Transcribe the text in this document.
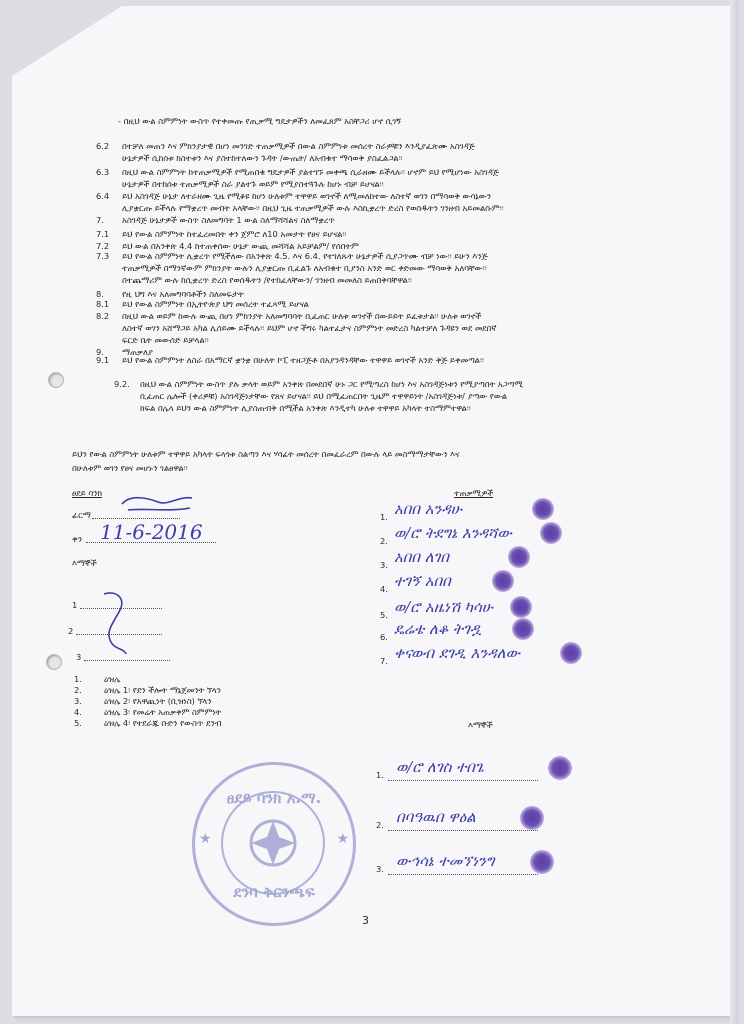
- በዚህ ውል ስምምነት ውስጥ የተቀመጡ የጢቃሚ ግዴታዎችን ለመፈጸም አስቸጋሪ ሆኖ ሲገኝ
6.2 በተቻለ መጠን እና ምክንያታዊ በሆነ መንገድ ተጠቃሚዎች በውል ስምምነቱ መሰረት ስራዎቹን እንዲያፈጽሙ አስገዳጅ
ሁኔታዎች ሲከሰቱ ክስተቱን እና ያስተከተለውን ጉዳት /ውጤት/ ለአብቁተ ማሳወቅ ያስፈልጋል፡፡
6.3 በዚህ ውል ስምምነት ከተጠቃሚዎች የሚጠበቁ ግዴታዎች ያልተገኙ መቀጫ ሲራዘሙ ይችላሉ፡፡ ሆኖም ይህ የሚሆነው አስገዳጅ
ሁኔታዎች በተከሰቱ ተጠቃሚዎች ስራ ያልተጉ ወይም የሚያስተጓጉሉ ከሆኑ ብቻ ይሆናል፡፡
6.4 ይህ አስገዳጅ ሁኔታ ለተራዘሙ ጊዜ የሚቆዩ ከሆነ ሁለቱም ተዋዋይ ወገኖች ለሚመለከተው ለስተኛ ወገን በማሳወቅ ውሳኔውን
ሊያቋርጡ ይችላሉ የማቋረጥ መብት አላቸው፡፡ በዚህ ጊዜ ተጠቃሚዎች ውሉ እስኪቋረጥ ድረስ የወሰዱትን ገንዘብ አይመልሱም፡፡
7. አስገዳጅ ሁኔታዎች ውስጥ ስለመግባት 1 ውል ስለማሻሻልና ስለማቋረጥ
7.1 ይህ የውል ስምምነት ከተፈረመበት ቀን ጀምሮ ለ10 አመታት የፀና ይሆናል፡፡
7.2 ይህ ውል በአንቀጽ 4.4 ከተጠቀሰው ሁኔታ ውጪ መሻሻል አይቻልም/ የሰበትም
7.3 ይህ የውል ስምምነት ሊቋረጥ የሚችለው በአንቀጽ 4.5. እና 6.4. የተገለጹት ሁኔታዎች ሲያጋጥሙ ብቻ ነው፡፡ ይሁን እንጅ
ተጠቃሚዎች በማንኛውም ምክንያት ውሉን ሊያቋርጡ ቢፈልጉ ለአብቁተ ቢያንስ አንድ ወር ቀድመው ማሳወቅ አለባቸው፡፡
በተጨማሪም ውሉ ከሲቋረጥ ድረስ የወሰዱትን /የተከፈላቸውን/ ገንዘብ መመለስ ይጠበቅባቸዋል፡፡
8. የዚ ህግ እና አለመግባባቶችን ስለመፍታት
8.1 ይህ የውል ስምምነት በኢትዮጵያ ህግ መሰረት ተፈጻሚ ይሆናል
8.2 በዚህ ውል ወይም ከውሉ ውጪ በሆነ ምክንያት አለመግባባት ቢፈጠር ሁለቱ ወገኖች በውይይት ይፈቱታል፡፡ ሁለቱ ወገኖች
ለስተኛ ወገን አሸማጋይ አካል ሊሰይሙ ይችላሉ፡፡ ይህም ሆኖ ችግሩ ካልተፈታና ስምምነት መድረስ ካልተቻለ ጉዳዩን ወደ መደበኛ
ፍርድ ቤት መውሰድ ይቻላል፡፡
9. ማጠቃለያ
9.1 ይህ የውል ስምምነት ለስራ በአማርኛ ቋንቋ በሁለት ኮፒ ተዘጋጅቶ በአያንዳንዳቸው ተዋዋይ ወገኖች አንድ ቅጅ ይቀመጣል፡፡
9.2. በዚህ ውል ስምምነት ውስጥ ያሉ ቃላት ወይም አንቀጽ በመደበኛ ሁኑ ጋር የሚጣረስ ከሆነ እና አስገዳጅነቱን የሚያጣበት አጋጣሚ
ቢፈጠር ሌሎች (ቀሪዎቹ) አስገዳጅነታቸው የጸና ይሆናል፡፡ ይህ በሚፈጠርበት ጊዜም ተዋዋይነት /አስገዳጅነቱ/ ያጣው የውል
ክፍል በሌላ ይህን ውል ስምምነት ሊያስጠብቅ በሚችል አንቀጽ እንዲተካ ሁለቱ ተዋዋይ አካላት ተስማምተዋል፡፡
ይህን የውል ስምምነት ሁለቱም ተዋዋይ አካላት ፍላጎቱ ስልጣን እና ሃሳፊት መሰረት በመፈራረም በውሉ ላይ መስማማታቸውን እና
በሁለቱም ወገን የፀና መሆኑን ገልፀዋል፡፡
ፀደይ ባንክ
ፊርማ
ቀን 11-6-2016
እማኞች
1
2
3
1.	ዕዝሌ
2.	ዕዝሌ 1፡ የደን ችሎት ማኔጀመንት ኘላን
3.	ዕዝሌ 2፡ የአዋጪነት (ቢዝነስ) ኘላን
4.	ዕዝሌ 3፡ የመሬት አጠቃቀም ስምምነት
5.	ዕዝሌ 4፡ የተደራጁ ቡድን የውስጥ ደንብ
ተጠቃሚዎች
1. አበበ አንዳሁ
2. ወ/ሮ ትደግኔ እንዳሻው
3. አበበ ለገበ
4. ተገኝ አበበ
5. ወ/ሮ አዜነሽ ካሳሁ
6. ዴሬቴ ለቆ ትገዷ
7. ቀናወብ ደገዲ እንዳለው
እማኞች
1. ወ/ሮ ለገስ ተበጌ
2. በባዓዉበ ዋዕል
3. ውኅሳኔ ተመኘነንግ
ፀደይ ባንክ አ.ማ.
ደንባ ቅርንጫፍ
★	★
3
